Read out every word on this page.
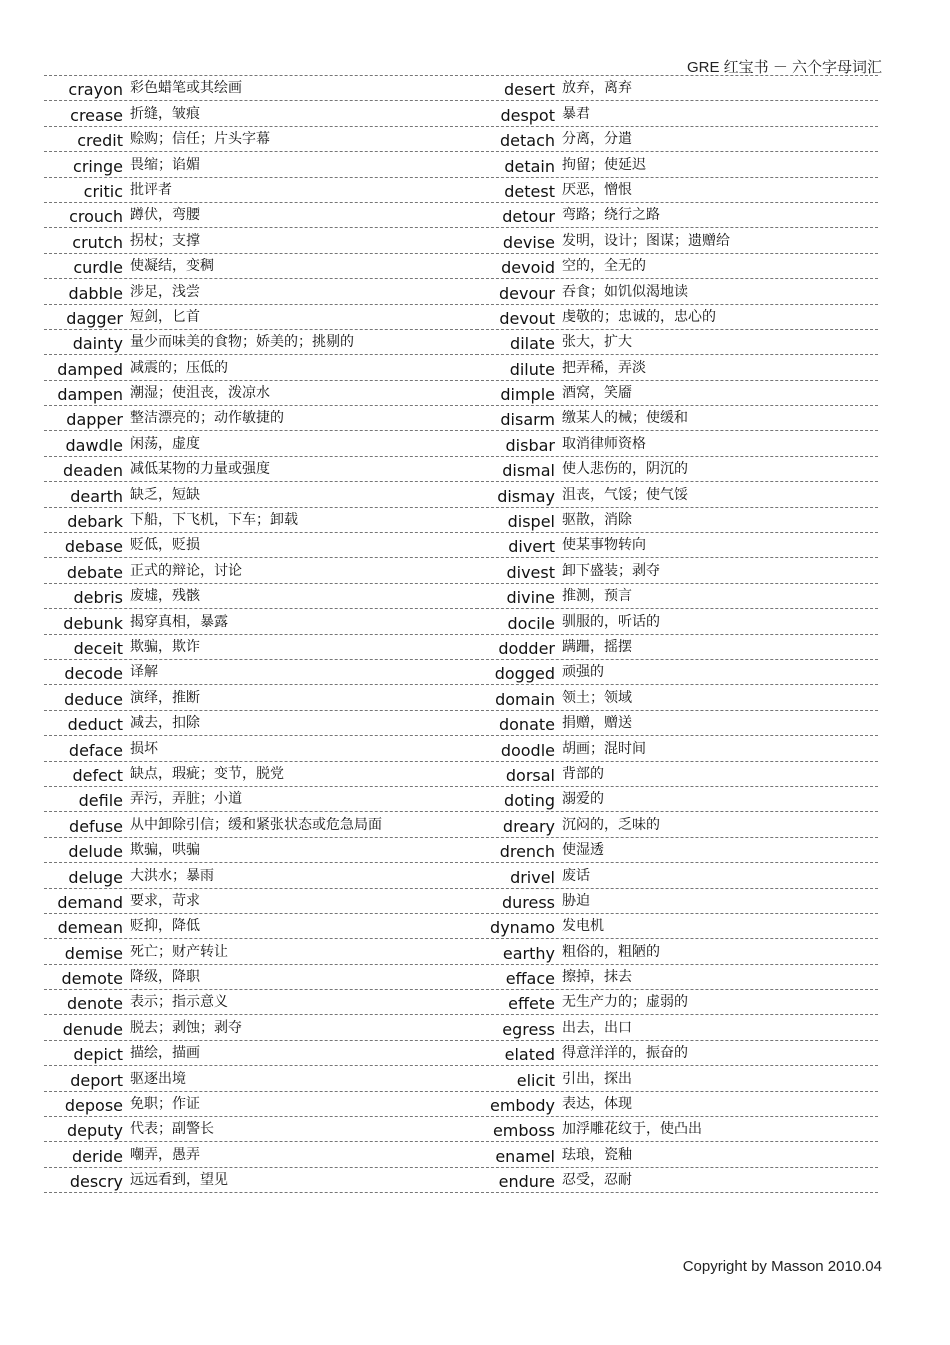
GRE 红宝书 － 六个字母词汇
crayon 彩色蜡笔或其绘画
crease 折缝，皱痕
credit 赊购；信任；片头字幕
cringe 畏缩；谄媚
critic 批评者
crouch 蹲伏，弯腰
crutch 拐杖；支撑
curdle 使凝结，变稠
dabble 涉足，浅尝
dagger 短剑，匕首
dainty 量少而味美的食物；娇美的；挑剔的
damped 减震的；压低的
dampen 潮湿；使沮丧，泼凉水
dapper 整洁漂亮的；动作敏捷的
dawdle 闲荡，虚度
deaden 减低某物的力量或强度
dearth 缺乏，短缺
debark 下船，下飞机，下车；卸载
debase 贬低，贬损
debate 正式的辩论，讨论
debris 废墟，残骸
debunk 揭穿真相，暴露
deceit 欺骗，欺诈
decode 译解
deduce 演绎，推断
deduct 减去，扣除
deface 损坏
defect 缺点，瑕疵；变节，脱党
defile 弄污，弄脏；小道
defuse 从中卸除引信；缓和紧张状态或危急局面
delude 欺骗，哄骗
deluge 大洪水；暴雨
demand 要求，苛求
demean 贬抑，降低
demise 死亡；财产转让
demote 降级，降职
denote 表示；指示意义
denude 脱去；剥蚀；剥夺
depict 描绘，描画
deport 驱逐出境
depose 免职；作证
deputy 代表；副警长
deride 嘲弄，愚弄
descry 远远看到，望见
desert 放弃，离弃
despot 暴君
detach 分离，分遣
detain 拘留；使延迟
detest 厌恶，憎恨
detour 弯路；绕行之路
devise 发明，设计；图谋；遗赠给
devoid 空的，全无的
devour 吞食；如饥似渴地读
devout 虔敬的；忠诚的，忠心的
dilate 张大，扩大
dilute 把弄稀，弄淡
dimple 酒窝，笑靥
disarm 缴某人的械；使缓和
disbar 取消律师资格
dismal 使人悲伤的，阴沉的
dismay 沮丧，气馁；使气馁
dispel 驱散，消除
divert 使某事物转向
divest 卸下盛装；剥夺
divine 推测，预言
docile 驯服的，听话的
dodder 蹒跚，摇摆
dogged 顽强的
domain 领土；领域
donate 捐赠，赠送
doodle 胡画；混时间
dorsal 背部的
doting 溺爱的
dreary 沉闷的，乏味的
drench 使湿透
drivel 废话
duress 胁迫
dynamo 发电机
earthy 粗俗的，粗陋的
efface 擦掉，抹去
effete 无生产力的；虚弱的
egress 出去，出口
elated 得意洋洋的，振奋的
elicit 引出，探出
embody 表达，体现
emboss 加浮雕花纹于，使凸出
enamel 珐琅，瓷釉
endure 忍受，忍耐
Copyright by Masson 2010.04
